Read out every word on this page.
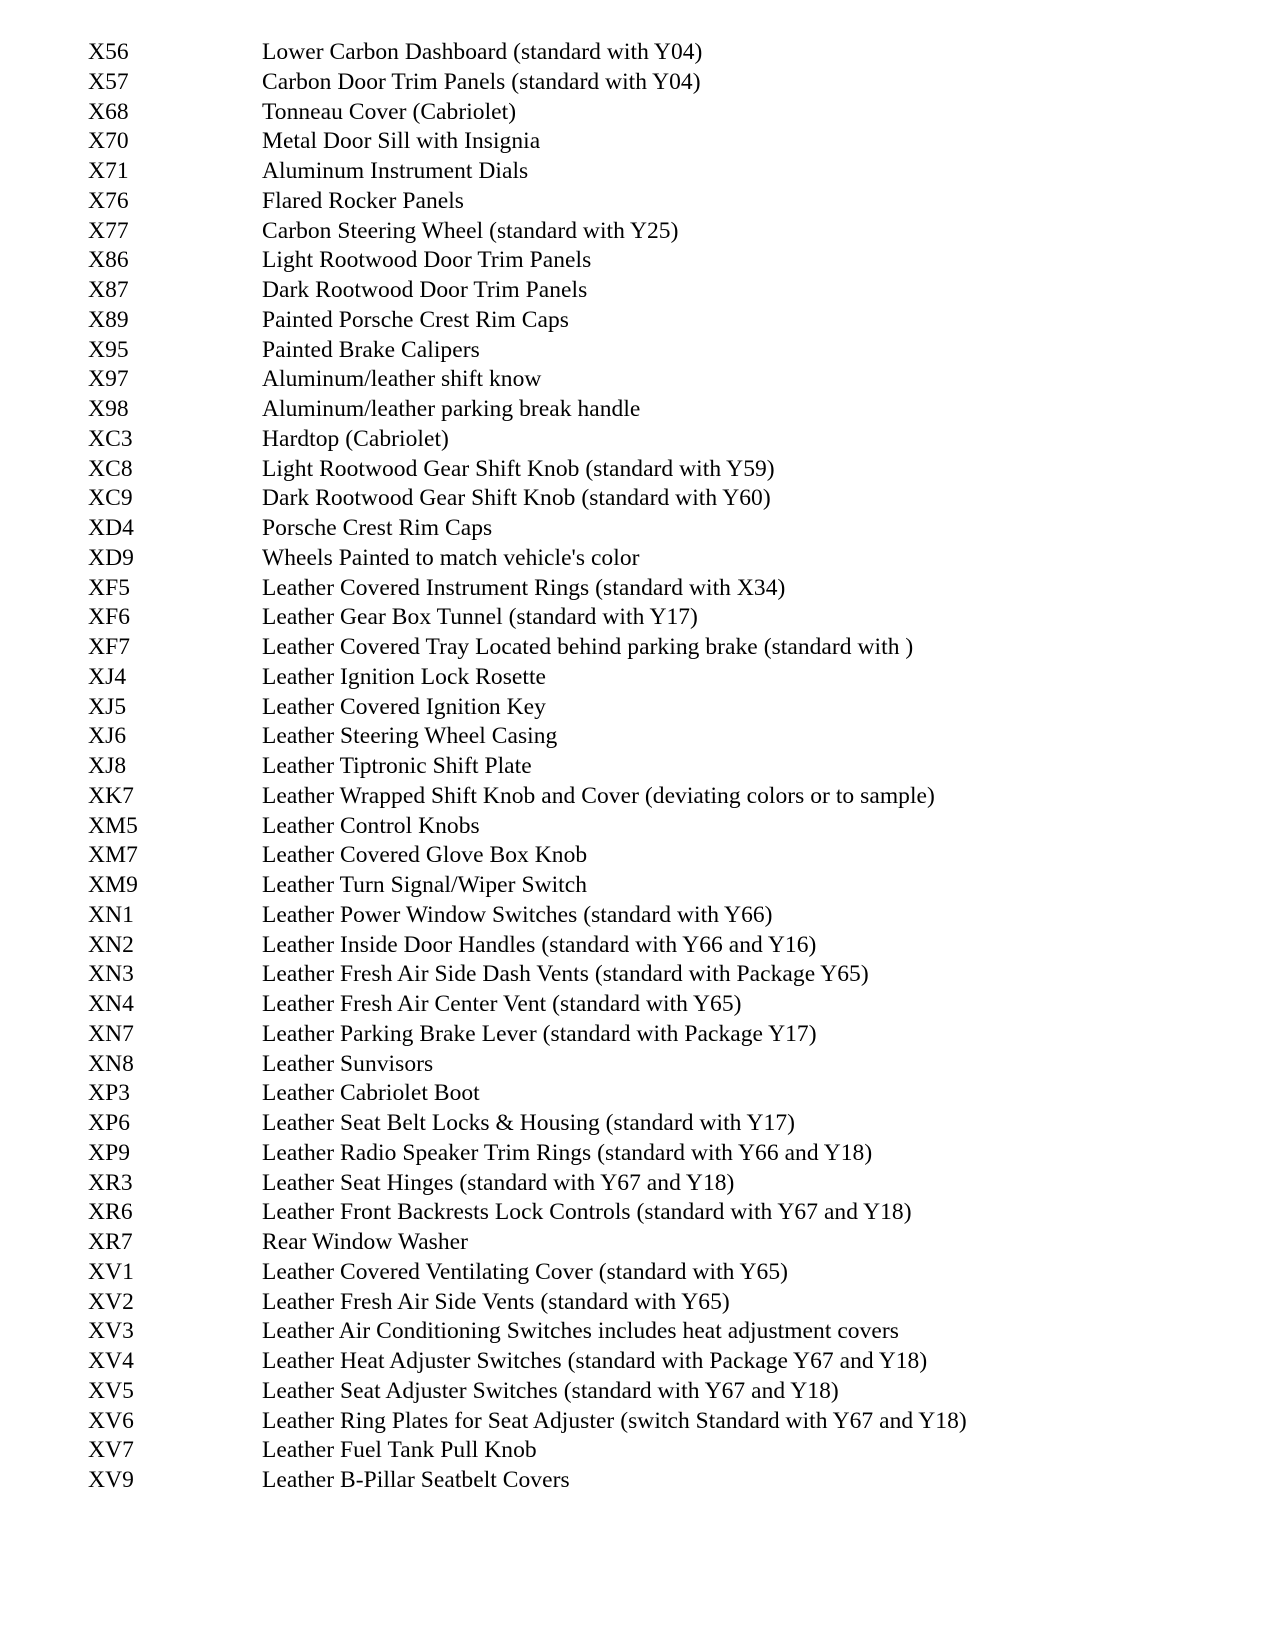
X56	Lower Carbon Dashboard (standard with Y04)
X57	Carbon Door Trim Panels (standard with Y04)
X68	Tonneau Cover (Cabriolet)
X70	Metal Door Sill with Insignia
X71	Aluminum Instrument Dials
X76	Flared Rocker Panels
X77	Carbon Steering Wheel (standard with Y25)
X86	Light Rootwood Door Trim Panels
X87	Dark Rootwood Door Trim Panels
X89	Painted Porsche Crest Rim Caps
X95	Painted Brake Calipers
X97	Aluminum/leather shift know
X98	Aluminum/leather parking break handle
XC3	Hardtop (Cabriolet)
XC8	Light Rootwood Gear Shift Knob (standard with Y59)
XC9	Dark Rootwood Gear Shift Knob (standard with Y60)
XD4	Porsche Crest Rim Caps
XD9	Wheels Painted to match vehicle's color
XF5	Leather Covered Instrument Rings (standard with X34)
XF6	Leather Gear Box Tunnel (standard with Y17)
XF7	Leather Covered Tray Located behind parking brake (standard with )
XJ4	Leather Ignition Lock Rosette
XJ5	Leather Covered Ignition Key
XJ6	Leather Steering Wheel Casing
XJ8	Leather Tiptronic Shift Plate
XK7	Leather Wrapped Shift Knob and Cover (deviating colors or to sample)
XM5	Leather Control Knobs
XM7	Leather Covered Glove Box Knob
XM9	Leather Turn Signal/Wiper Switch
XN1	Leather Power Window Switches (standard with Y66)
XN2	Leather Inside Door Handles (standard with Y66 and Y16)
XN3	Leather Fresh Air Side Dash Vents (standard with Package Y65)
XN4	Leather Fresh Air Center Vent (standard with Y65)
XN7	Leather Parking Brake Lever (standard with Package Y17)
XN8	Leather Sunvisors
XP3	Leather Cabriolet Boot
XP6	Leather Seat Belt Locks & Housing (standard with Y17)
XP9	Leather Radio Speaker Trim Rings (standard with Y66 and Y18)
XR3	Leather Seat Hinges (standard with Y67 and Y18)
XR6	Leather Front Backrests Lock Controls (standard with Y67 and Y18)
XR7	Rear Window Washer
XV1	Leather Covered Ventilating Cover (standard with Y65)
XV2	Leather Fresh Air Side Vents (standard with Y65)
XV3	Leather Air Conditioning Switches includes heat adjustment covers
XV4	Leather Heat Adjuster Switches (standard with Package Y67 and Y18)
XV5	Leather Seat Adjuster Switches (standard with Y67 and Y18)
XV6	Leather Ring Plates for Seat Adjuster (switch Standard with Y67 and Y18)
XV7	Leather Fuel Tank Pull Knob
XV9	Leather B-Pillar Seatbelt Covers
